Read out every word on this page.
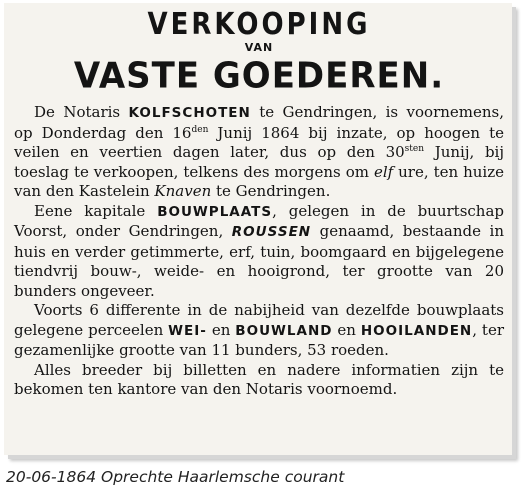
VERKOOPING
VAN
VASTE GOEDEREN.

De Notaris KOLFSCHOTEN te Gendringen, is voornemens, op Donderdag den $16^{den}$ Junij 1864 bij inzate, op hoogen te veilen en veertien dagen later, dus op den $30^{sten}$ Junij, bij toeslag te verkoopen, telkens des morgens om elf ure, ten huize van den Kastelein Knaven te Gendringen.

Eene kapitale BOUWPLAATS, gelegen in de buurtschap Voorst, onder Gendringen, ROUSSEN genaamd, bestaande in huis en verder getimmerte, erf, tuin, boomgaard en bijgelegene tiendvrij bouw-, weide- en hooigrond, ter grootte van 20 bunders ongeveer.

Voorts 6 differente in de nabijheid van dezelfde bouwplaats gelegene perceelen WEI- en BOUWLAND en HOOILANDEN, ter gezamenlijke grootte van 11 bunders, 53 roeden.

Alles breeder bij billetten en nadere informatien zijn te bekomen ten kantore van den Notaris voornoemd.

20-06-1864 Oprechte Haarlemsche courant
